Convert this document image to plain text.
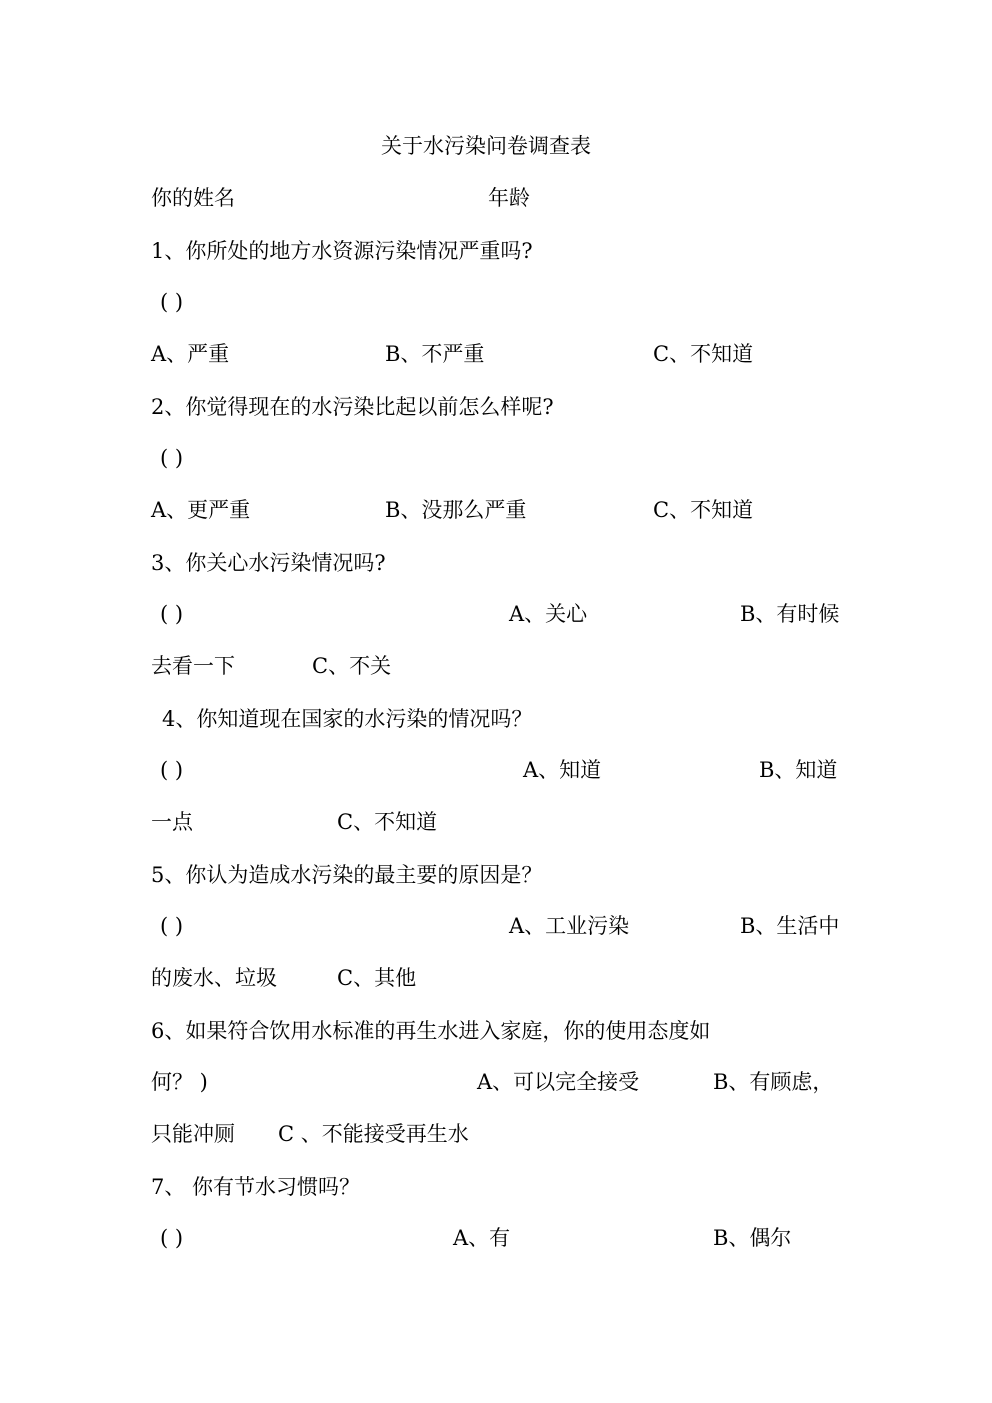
关于水污染问卷调查表
你的姓名	年龄
1、你所处的地方水资源污染情况严重吗?
( )
A、严重	B、不严重	C、不知道
2、你觉得现在的水污染比起以前怎么样呢?
( )
A、更严重	B、没那么严重	C、不知道
3、你关心水污染情况吗?
( )	A、关心	B、有时候
去看一下	C、不关
4、你知道现在国家的水污染的情况吗？
( )	A、知道	B、知道
一点	C、不知道
5、你认为造成水污染的最主要的原因是？
( )	A、工业污染	B、生活中
的废水、垃圾	C、其他
6、如果符合饮用水标准的再生水进入家庭，你的使用态度如
何？ )	A、可以完全接受	B、有顾虑，
只能冲厕 C 、不能接受再生水
7、 你有节水习惯吗？
( )	A、有	B、偶尔
